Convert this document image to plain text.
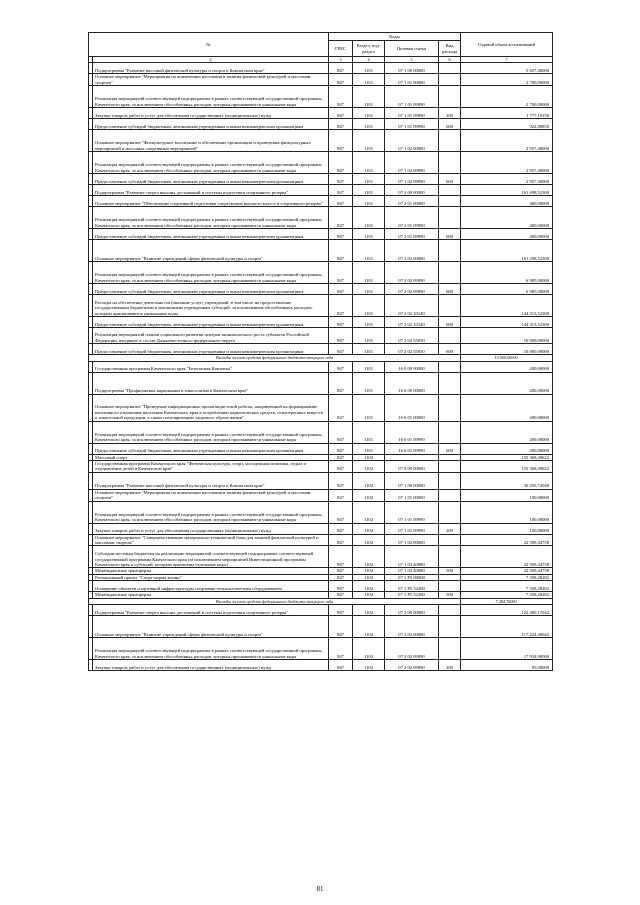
№		Коды				Годовой объем ассигнований
		ГРБС	Раздел, под-раздел	Целевая статья	Вид расхода	
1	2	3	4	5	6	7
	Подпрограмма "Развитие массовой физической культуры и спорта в Камчатском крае"	847	1101	07 1 00 00000		5 657,40000
	Основное мероприятие "Мероприятия по вовлечению населения в занятия физической культурой и массовым спортом"	847	1101	07 1 01 00000		2 700,00000
	Реализация мероприятий соответствующей подпрограммы в рамках соответствующей государственной программы Камчатского края, за исключением обособленных расходов, которым присваиваются уникальные коды	847	1101	07 1 01 09990		2 700,00000
	Закупка товаров, работ и услуг для обеспечения государственных (муниципальных) нужд	847	1101	07 1 01 09990	200	1 777,19150
	Предоставление субсидий бюджетным, автономным учреждениям и иным некоммерческим организациям	847	1101	07 1 01 09990	600	922,80850
	Основное мероприятие "Физкультурное воспитание и обеспечение организации и проведения физкультурных мероприятий и массовых спортивных мероприятий"	847	1101	07 1 02 00000		2 957,40000
	Реализация мероприятий соответствующей подпрограммы в рамках соответствующей государственной программы Камчатского края, за исключением обособленных расходов, которым присваиваются уникальные коды	847	1101	07 1 02 09990		2 957,40000
	Предоставление субсидий бюджетным, автономным учреждениям и иным некоммерческим организациям	847	1101	07 1 02 09990	600	2 957,40000
	Подпрограмма "Развитие спорта высших достижений и системы подготовки спортивного резерва"	847	1101	07 2 00 00000		161 698,52300
	Основное мероприятие "Обеспечение спортивной подготовки спортсменов высокого класса и спортивного резерва"	847	1101	07 2 01 00000		400,00000
	Реализация мероприятий соответствующей подпрограммы в рамках соответствующей государственной программы Камчатского края, за исключением обособленных расходов, которым присваиваются уникальные коды	847	1101	07 2 01 09990		400,00000
	Предоставление субсидий бюджетным, автономным учреждениям и иным некоммерческим организациям	847	1101	07 2 01 09990	600	400,00000
	Основное мероприятие "Развитие учреждений сферы физической культуры и спорта"	847	1101	07 2 02 00000		161 298,52300
	Реализация мероприятий соответствующей подпрограммы в рамках соответствующей государственной программы Камчатского края, за исключением обособленных расходов, которым присваиваются уникальные коды	847	1101	07 2 02 09990		6 985,00000
	Предоставление субсидий бюджетным, автономным учреждениям и иным некоммерческим организациям	847	1101	07 2 02 09990	600	6 985,00000
	Расходы на обеспечение деятельности (оказание услуг) учреждений, в том числе на предоставление государственным бюджетным и автономным учреждениям субсидий, за исключением обособленных расходов, которым присваиваются уникальные коды	847	1101	07 2 02 10140		144 313,52300
	Предоставление субсидий бюджетным, автономным учреждениям и иным некоммерческим организациям	847	1101	07 2 02 10140	600	144 313,52300
	Реализация мероприятий планов социального развития центров экономического роста субъектов Российской Федерации, входящих в состав Дальневосточного федерального округа	847	1101	07 2 02 55050		10 000,00000
	Предоставление субсидий бюджетным, автономным учреждениям и иным некоммерческим организациям	847	1101	07 2 02 55050	600	10 000,00000
Расходы за счет средств федерального бюджета текущего года						10 000,00000
	Государственная программа Камчатского края "Безопасная Камчатка"	847	1101	16 0 00 00000		200,00000
	Подпрограмма "Профилактика наркомании и алкоголизма в Камчатском крае"	847	1101	16 6 00 00000		200,00000
	Основное мероприятие "Проведение информационно-пропагандистской работы, направленной на формирование негативного отношения населения Камчатского края к потреблению наркотических средств, психотропных веществ и алкогольной продукции, а также популяризацию здорового образа жизни"	847	1101	16 6 01 00000		200,00000
	Реализация мероприятий соответствующей подпрограммы в рамках соответствующей государственной программы Камчатского края, за исключением обособленных расходов, которым присваиваются уникальные коды	847	1101	16 6 01 09990		200,00000
	Предоставление субсидий бюджетным, автономным учреждениям и иным некоммерческим организациям	847	1101	16 6 01 09990	600	200,00000
	Массовый спорт	847	1102			155 368,49622
	Государственная программа Камчатского края "Физическая культура, спорт, молодежная политика, отдых и оздоровление детей в Камчатском крае"	847	1102	07 0 00 00000		155 368,49622
	Подпрограмма "Развитие массовой физической культуры и спорта в Камчатском крае"	847	1102	07 1 00 00000		30 256,72040
	Основное мероприятие "Мероприятия по вовлечению населения в занятия физической культурой и массовым спортом"	847	1102	07 1 01 00000		100,00000
	Реализация мероприятий соответствующей подпрограммы в рамках соответствующей государственной программы Камчатского края, за исключением обособленных расходов, которым присваиваются уникальные коды	847	1102	07 1 01 09990		100,00000
	Закупка товаров, работ и услуг для обеспечения государственных (муниципальных) нужд	847	1102	07 1 01 09990	200	100,00000
	Основное мероприятие "Совершенствование материально-технической базы для занятий физической культурой и массовым спортом"	847	1102	07 1 02 00000		22 509,44758
	Субсидии местным бюджетам на реализацию мероприятий соответствующей подпрограммы соответствующей государственной программы Камчатского края (за исключением мероприятий Инвестиционной программы Камчатского края и субсидий, которым присвоены отдельные коды)	847	1102	07 1 03 40080		22 509,44758
	Межбюджетные трансферты	847	1102	07 1 03 40080	500	22 509,44758
	Региональный проект "Спорт-норма жизни"	847	1102	07 1 P5 00000		7 358,28282
	Оснащение объектов спортивной инфраструктуры спортивно-технологическим оборудованием	847	1102	07 1 P5 52280		7 358,28282
	Межбюджетные трансферты	847	1102	07 1 P5 52280	500	7 358,28282
Расходы за счет средств федерального бюджета текущего года						7 284,70000
	Подпрограмма "Развитие спорта высших достижений и системы подготовки спортивного резерва"	847	1102	07 2 00 00000		122 480,17042
	Основное мероприятие "Развитие учреждений сферы физической культуры и спорта"	847	1102	07 2 02 00000		117 224,40042
	Реализация мероприятий соответствующей подпрограммы в рамках соответствующей государственной программы Камчатского края, за исключением обособленных расходов, которым присваиваются уникальные коды	847	1102	07 2 02 09990		17 934,90000
	Закупка товаров, работ и услуг для обеспечения государственных (муниципальных) нужд	847	1102	07 2 02 09990	200	95,00000
81
